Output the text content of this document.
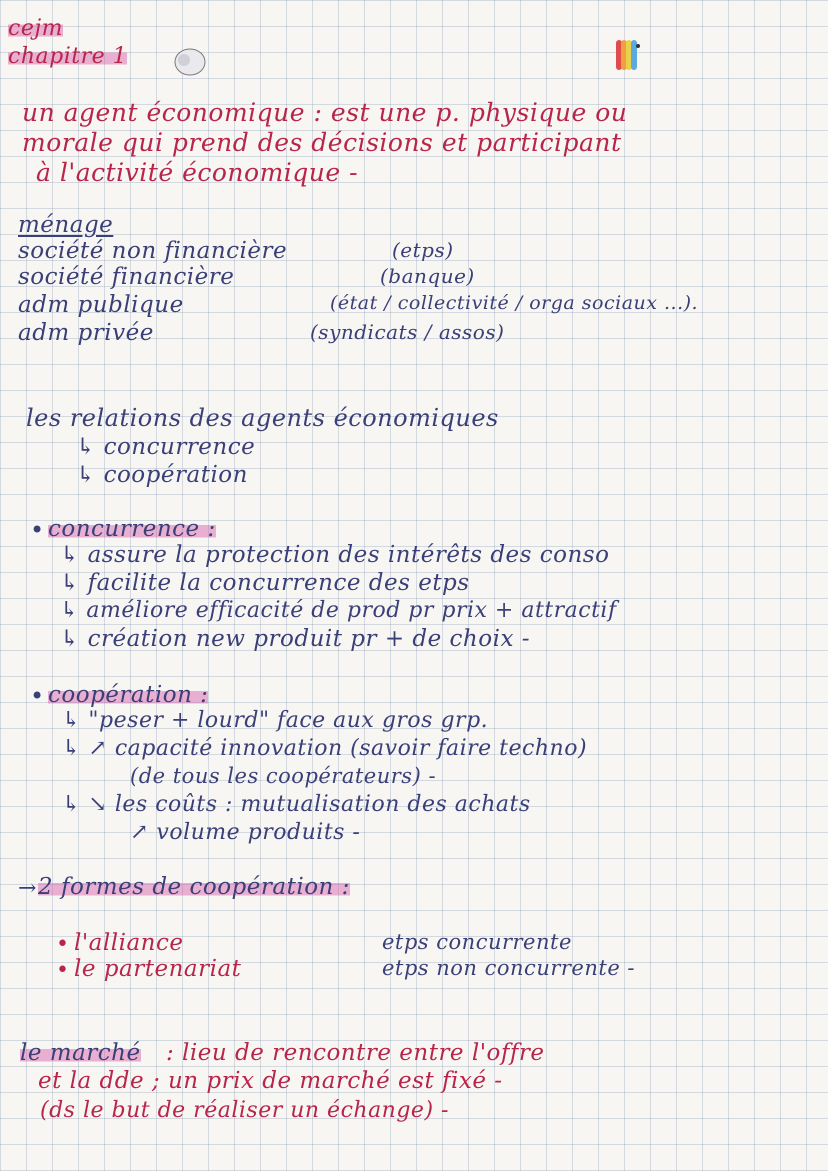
cejm
chapitre 1
un agent économique : est une p. physique ou
morale qui prend des décisions et participant
à l'activité économique -
ménage
société non financière	(etps)
société financière	(banque)
adm publique	(état / collectivité / orga sociaux ...).
adm privée	(syndicats / assos)
les relations des agents économiques
↳ concurrence
↳ coopération
• concurrence :
↳ assure la protection des intérêts des conso
↳ facilite la concurrence des etps
↳ améliore efficacité de prod pr prix + attractif
↳ création new produit pr + de choix -
• coopération :
↳ "peser + lourd" face aux gros grp.
↳ ↗ capacité innovation (savoir faire techno)
(de tous les coopérateurs) -
↳ ↘ les coûts : mutualisation des achats
↗ volume produits -
→ 2 formes de coopération :
• l'alliance	etps concurrente
• le partenariat	etps non concurrente -
le marché : lieu de rencontre entre l'offre
et la dde ; un prix de marché est fixé -
(ds le but de réaliser un échange) -
